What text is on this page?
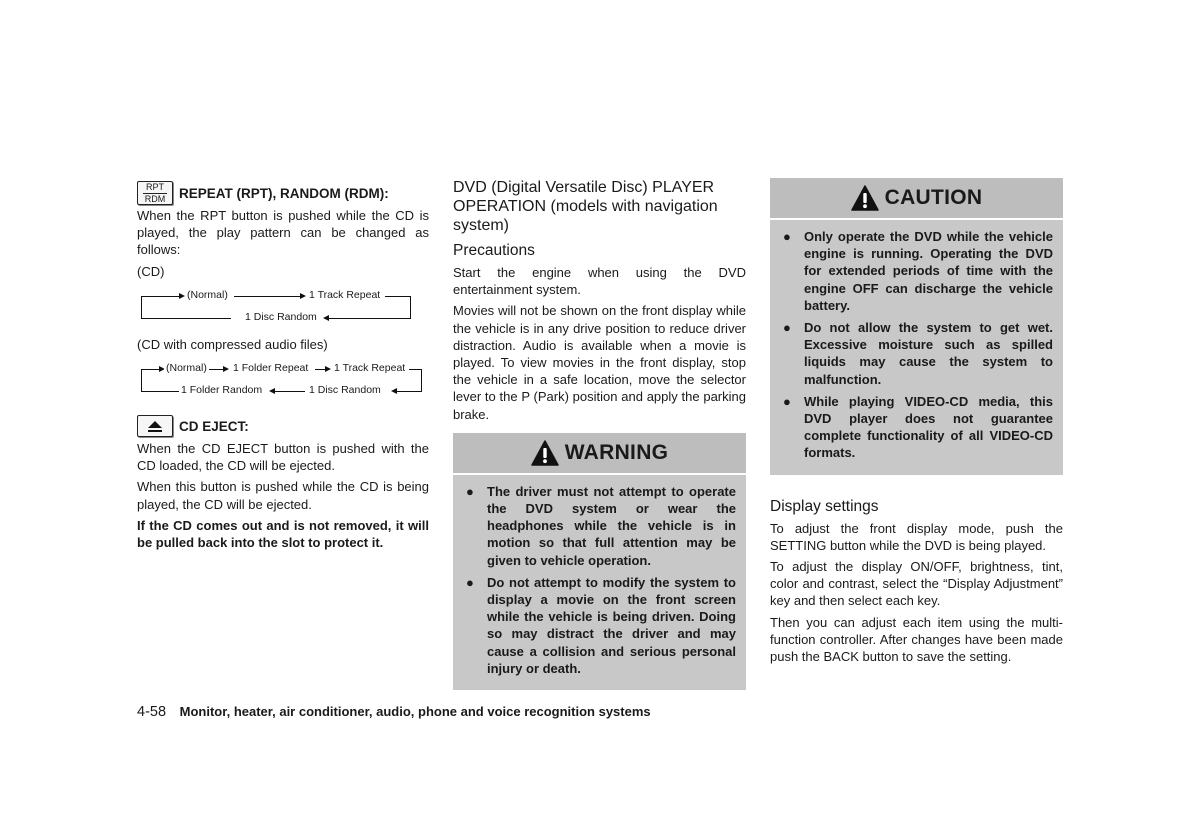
RPT
RDM REPEAT (RPT), RANDOM (RDM):

When the RPT button is pushed while the CD is played, the play pattern can be changed as follows:

(CD)

(Normal)	1 Track Repeat
1 Disc Random

(CD with compressed audio files)

(Normal) 1 Folder Repeat 1 Track Repeat
1 Disc Random
1 Folder Random
CD EJECT:

When the CD EJECT button is pushed with the CD loaded, the CD will be ejected.

When this button is pushed while the CD is being played, the CD will be ejected.

If the CD comes out and is not removed, it will be pulled back into the slot to protect it.

DVD (Digital Versatile Disc) PLAYER OPERATION (models with navigation system)
Precautions

Start the engine when using the DVD entertainment system.

Movies will not be shown on the front display while the vehicle is in any drive position to reduce driver distraction. Audio is available when a movie is played. To view movies in the front display, stop the vehicle in a safe location, move the selector lever to the P (Park) position and apply the parking brake.

WARNING
● The driver must not attempt to operate the DVD system or wear the headphones while the vehicle is in motion so that full attention may be given to vehicle operation.
● Do not attempt to modify the system to display a movie on the front screen while the vehicle is being driven. Doing so may distract the driver and may cause a collision and serious personal injury or death.
CAUTION
● Only operate the DVD while the vehicle engine is running. Operating the DVD for extended periods of time with the engine OFF can discharge the vehicle battery.
● Do not allow the system to get wet. Excessive moisture such as spilled liquids may cause the system to malfunction.
● While playing VIDEO-CD media, this DVD player does not guarantee complete functionality of all VIDEO-CD formats.
Display settings

To adjust the front display mode, push the SETTING button while the DVD is being played.

To adjust the display ON/OFF, brightness, tint, color and contrast, select the “Display Adjustment” key and then select each key.

Then you can adjust each item using the multi-function controller. After changes have been made push the BACK button to save the setting.

4-58 Monitor, heater, air conditioner, audio, phone and voice recognition systems
